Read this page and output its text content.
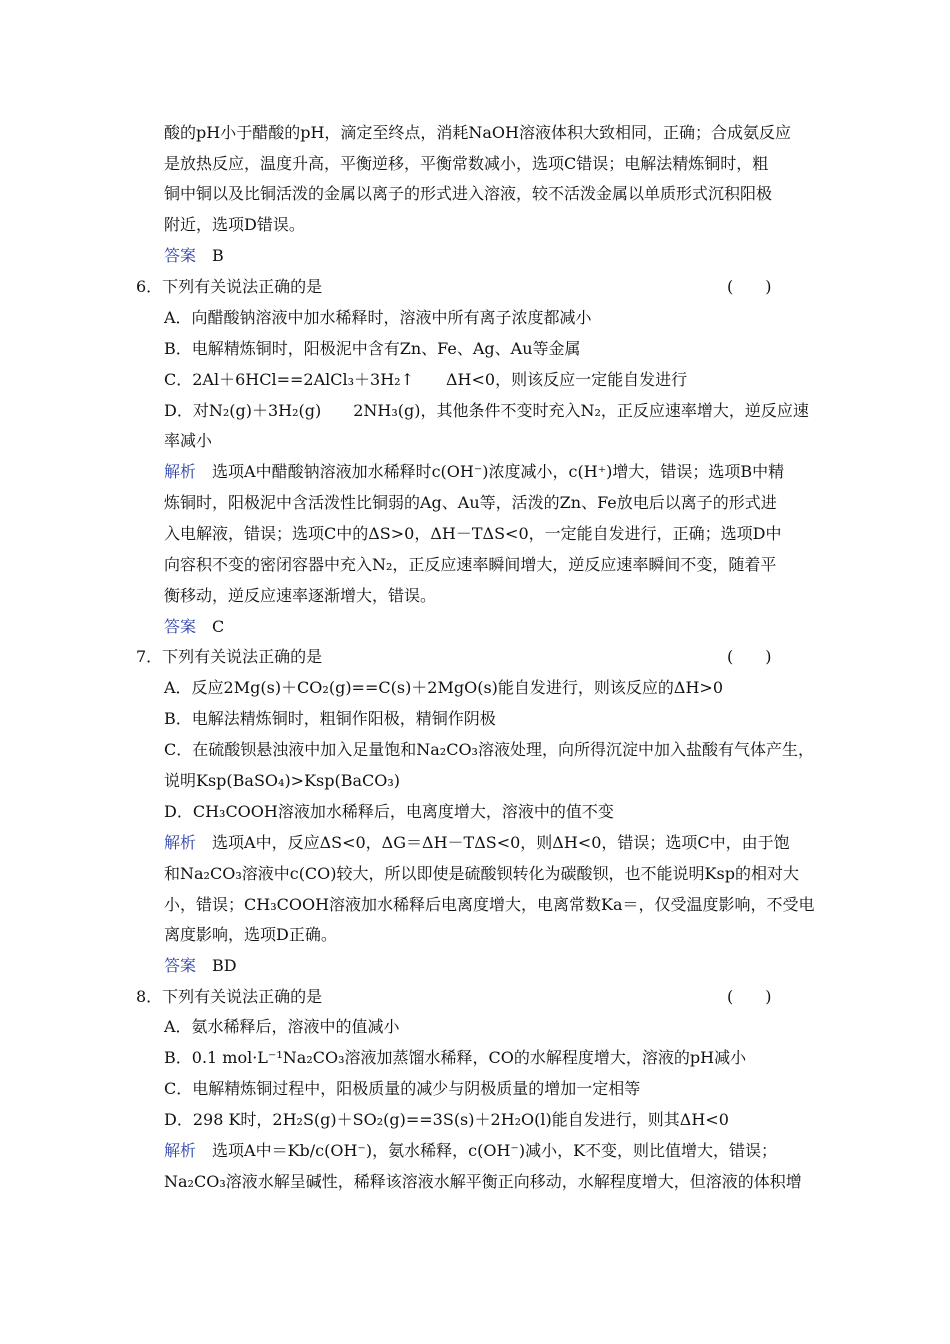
酸的pH小于醋酸的pH，滴定至终点，消耗NaOH溶液体积大致相同，正确；合成氨反应
是放热反应，温度升高，平衡逆移，平衡常数减小，选项C错误；电解法精炼铜时，粗
铜中铜以及比铜活泼的金属以离子的形式进入溶液，较不活泼金属以单质形式沉积阳极
附近，选项D错误。
答案 B
6．下列有关说法正确的是	(　　)
A．向醋酸钠溶液中加水稀释时，溶液中所有离子浓度都减小
B．电解精炼铜时，阳极泥中含有Zn、Fe、Ag、Au等金属
C．2Al＋6HCl==2AlCl₃＋3H₂↑　　ΔH<0，则该反应一定能自发进行
D．对N₂(g)＋3H₂(g)　　2NH₃(g)，其他条件不变时充入N₂，正反应速率增大，逆反应速
率减小
解析 选项A中醋酸钠溶液加水稀释时c(OH⁻)浓度减小，c(H⁺)增大，错误；选项B中精
炼铜时，阳极泥中含活泼性比铜弱的Ag、Au等，活泼的Zn、Fe放电后以离子的形式进
入电解液，错误；选项C中的ΔS>0，ΔH－TΔS<0，一定能自发进行，正确；选项D中
向容积不变的密闭容器中充入N₂，正反应速率瞬间增大，逆反应速率瞬间不变，随着平
衡移动，逆反应速率逐渐增大，错误。
答案 C
7．下列有关说法正确的是	(　　)
A．反应2Mg(s)＋CO₂(g)==C(s)＋2MgO(s)能自发进行，则该反应的ΔH>0
B．电解法精炼铜时，粗铜作阳极，精铜作阴极
C．在硫酸钡悬浊液中加入足量饱和Na₂CO₃溶液处理，向所得沉淀中加入盐酸有气体产生，
说明Ksp(BaSO₄)>Ksp(BaCO₃)
D．CH₃COOH溶液加水稀释后，电离度增大，溶液中的值不变
解析 选项A中，反应ΔS<0，ΔG＝ΔH－TΔS<0，则ΔH<0，错误；选项C中，由于饱
和Na₂CO₃溶液中c(CO)较大，所以即使是硫酸钡转化为碳酸钡，也不能说明Ksp的相对大
小，错误；CH₃COOH溶液加水稀释后电离度增大，电离常数Ka＝，仅受温度影响，不受电
离度影响，选项D正确。
答案 BD
8．下列有关说法正确的是	(　　)
A．氨水稀释后，溶液中的值减小
B．0.1 mol·L⁻¹Na₂CO₃溶液加蒸馏水稀释，CO的水解程度增大，溶液的pH减小
C．电解精炼铜过程中，阳极质量的减少与阴极质量的增加一定相等
D．298 K时，2H₂S(g)＋SO₂(g)==3S(s)＋2H₂O(l)能自发进行，则其ΔH<0
解析 选项A中＝Kb/c(OH⁻)，氨水稀释，c(OH⁻)减小，K不变，则比值增大，错误；
Na₂CO₃溶液水解呈碱性，稀释该溶液水解平衡正向移动，水解程度增大，但溶液的体积增
